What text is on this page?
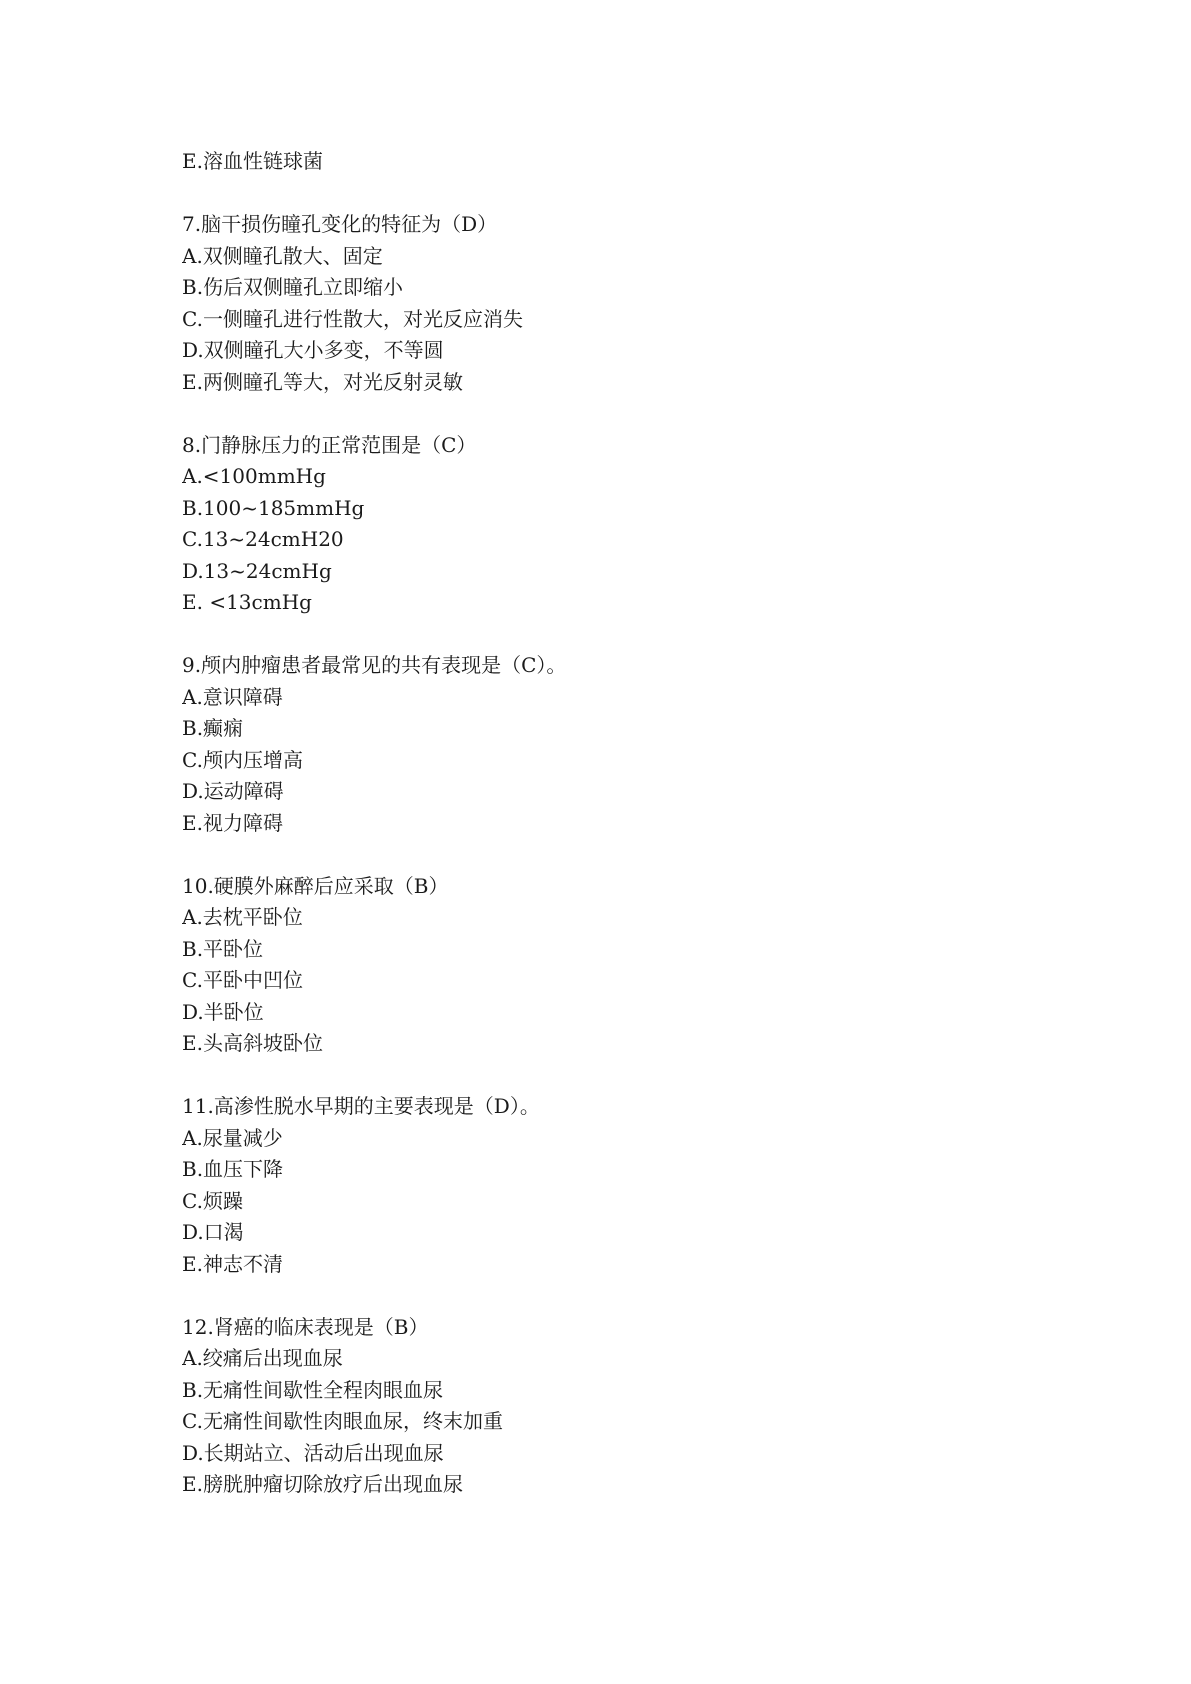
E.溶血性链球菌
7.脑干损伤瞳孔变化的特征为（D）
A.双侧瞳孔散大、固定
B.伤后双侧瞳孔立即缩小
C.一侧瞳孔进行性散大，对光反应消失
D.双侧瞳孔大小多变，不等圆
E.两侧瞳孔等大，对光反射灵敏
8.门静脉压力的正常范围是（C）
A.<100mmHg
B.100~185mmHg
C.13~24cmH20
D.13~24cmHg
E. <13cmHg
9.颅内肿瘤患者最常见的共有表现是（C）。
A.意识障碍
B.癫痫
C.颅内压增高
D.运动障碍
E.视力障碍
10.硬膜外麻醉后应采取（B）
A.去枕平卧位
B.平卧位
C.平卧中凹位
D.半卧位
E.头高斜坡卧位
11.高渗性脱水早期的主要表现是（D）。
A.尿量减少
B.血压下降
C.烦躁
D.口渴
E.神志不清
12.肾癌的临床表现是（B）
A.绞痛后出现血尿
B.无痛性间歇性全程肉眼血尿
C.无痛性间歇性肉眼血尿，终末加重
D.长期站立、活动后出现血尿
E.膀胱肿瘤切除放疗后出现血尿
